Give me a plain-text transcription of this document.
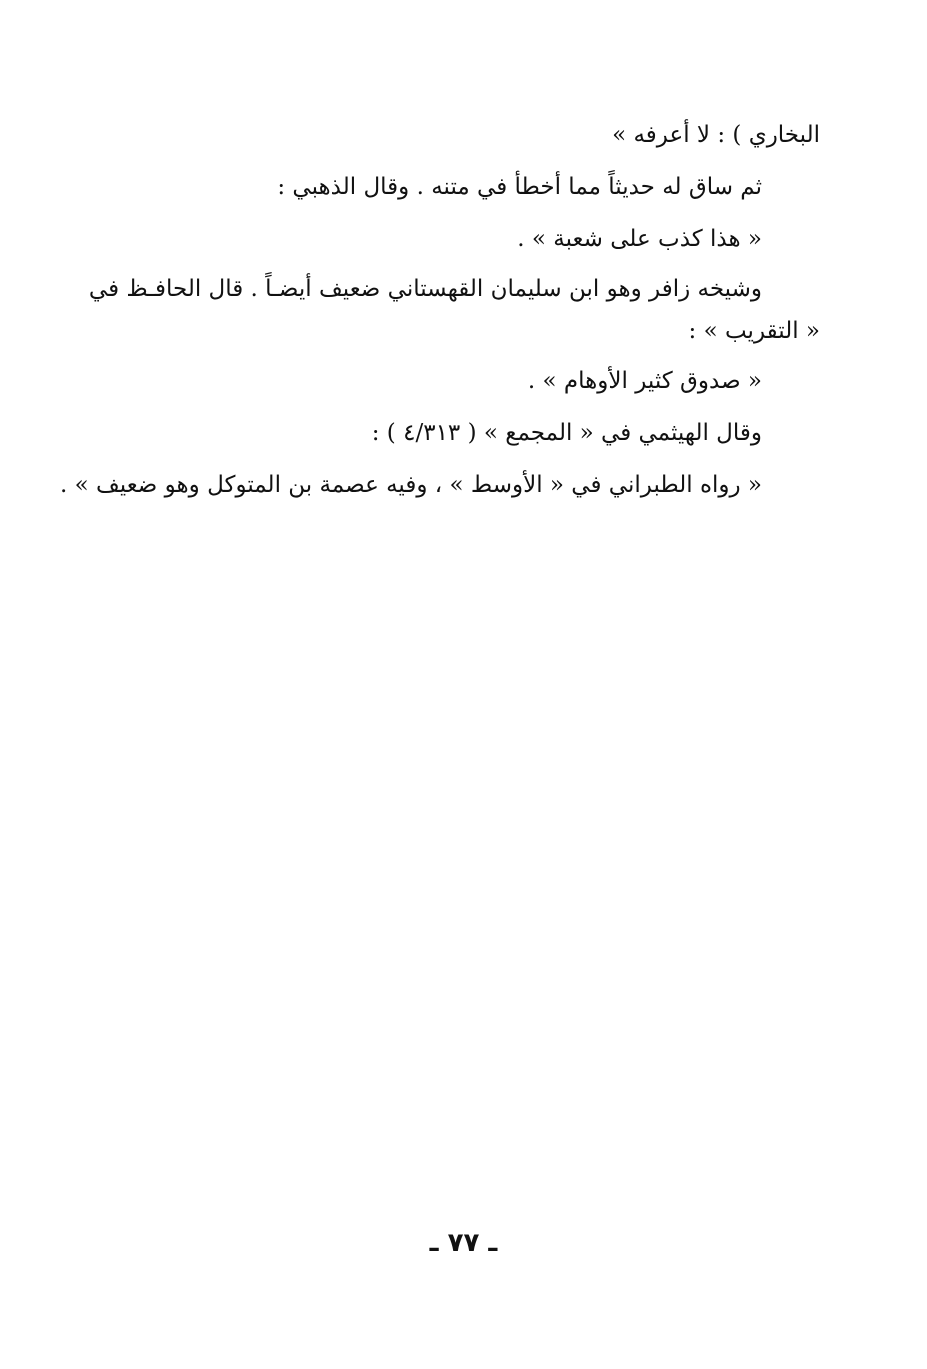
البخاري ) : لا أعرفه »
ثم ساق له حديثاً مما أخطأ في متنه . وقال الذهبي :
« هذا كذب على شعبة » .
وشيخه زافر وهو ابن سليمان القهستاني ضعيف أيضـاً . قال الحافـظ في
« التقريب » :
« صدوق كثير الأوهام » .
وقال الهيثمي في « المجمع » ( ٤/٣١٣ ) :
« رواه الطبراني في « الأوسط » ، وفيه عصمة بن المتوكل وهو ضعيف » .
ـ ٧٧ ـ
